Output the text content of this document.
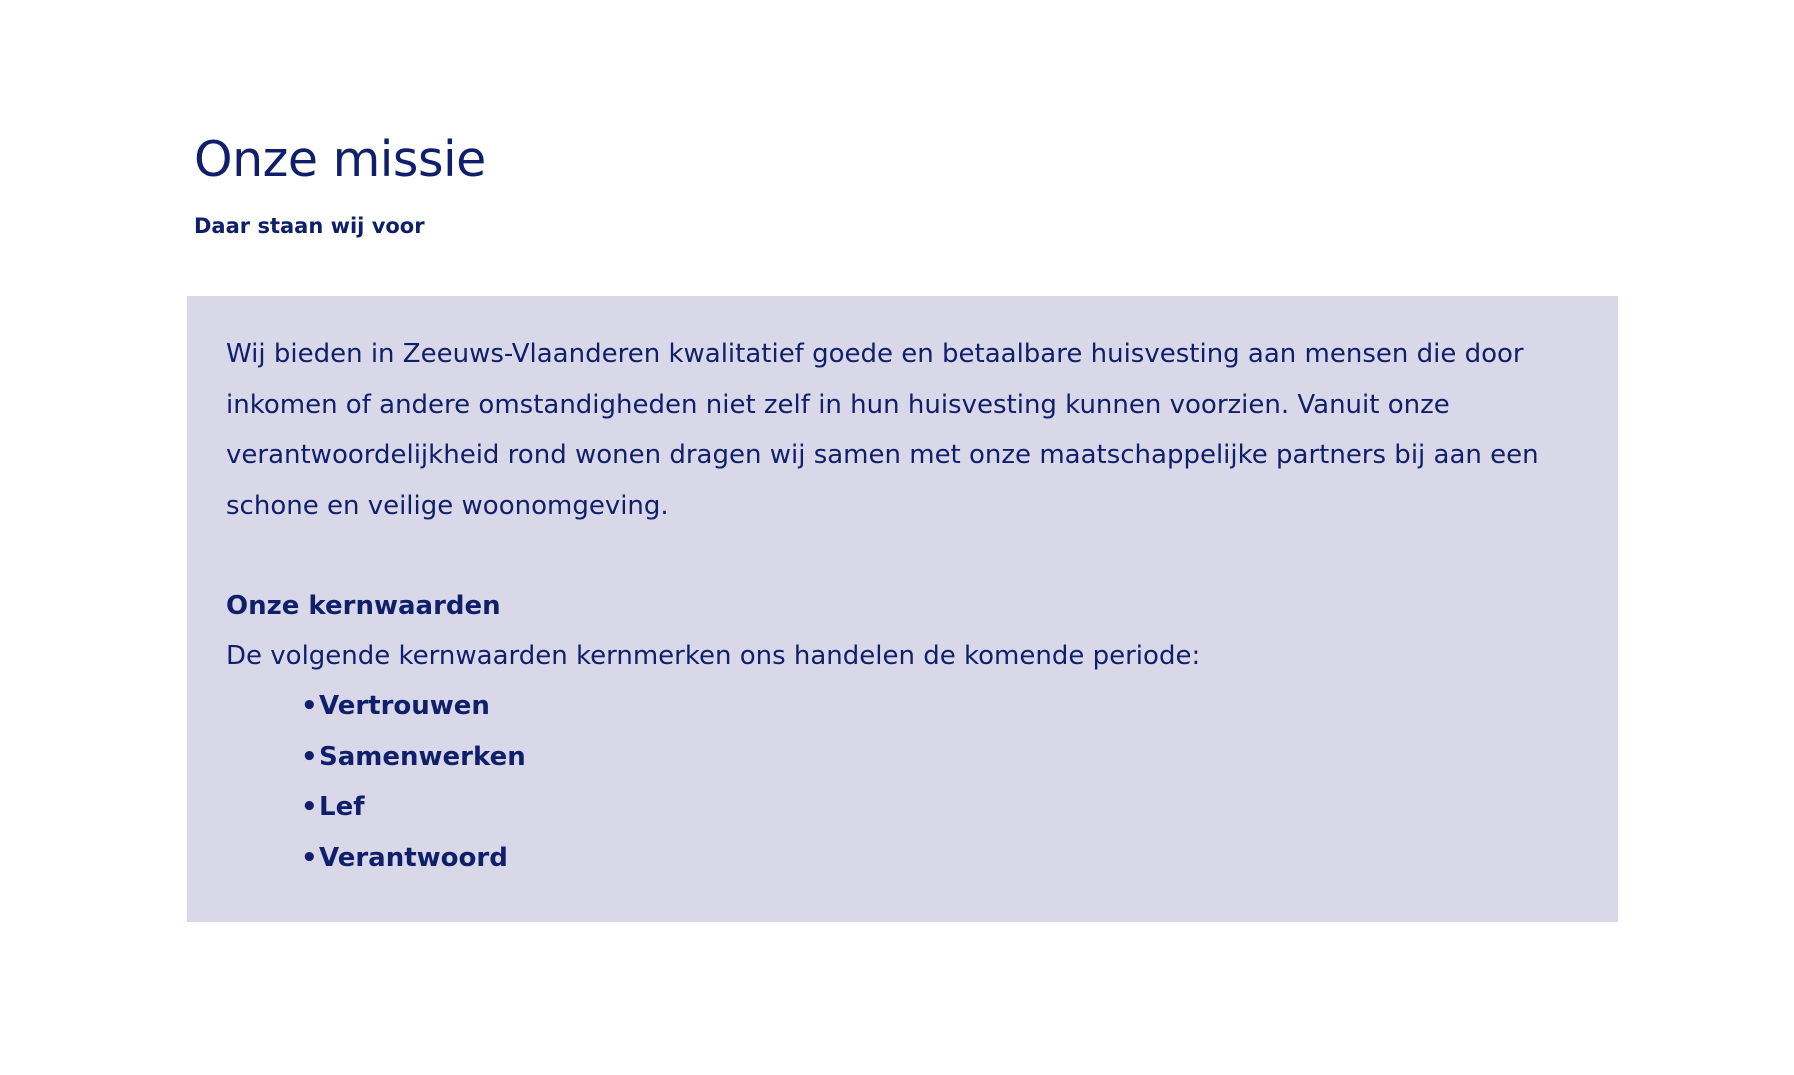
Onze missie
Daar staan wij voor

Wij bieden in Zeeuws-Vlaanderen kwalitatief goede en betaalbare huisvesting aan mensen die door inkomen of andere omstandigheden niet zelf in hun huisvesting kunnen voorzien. Vanuit onze verantwoordelijkheid rond wonen dragen wij samen met onze maatschappelijke partners bij aan een schone en veilige woonomgeving.

Onze kernwaarden
De volgende kernwaarden kernmerken ons handelen de komende periode:
• Vertrouwen
• Samenwerken
• Lef
• Verantwoord
